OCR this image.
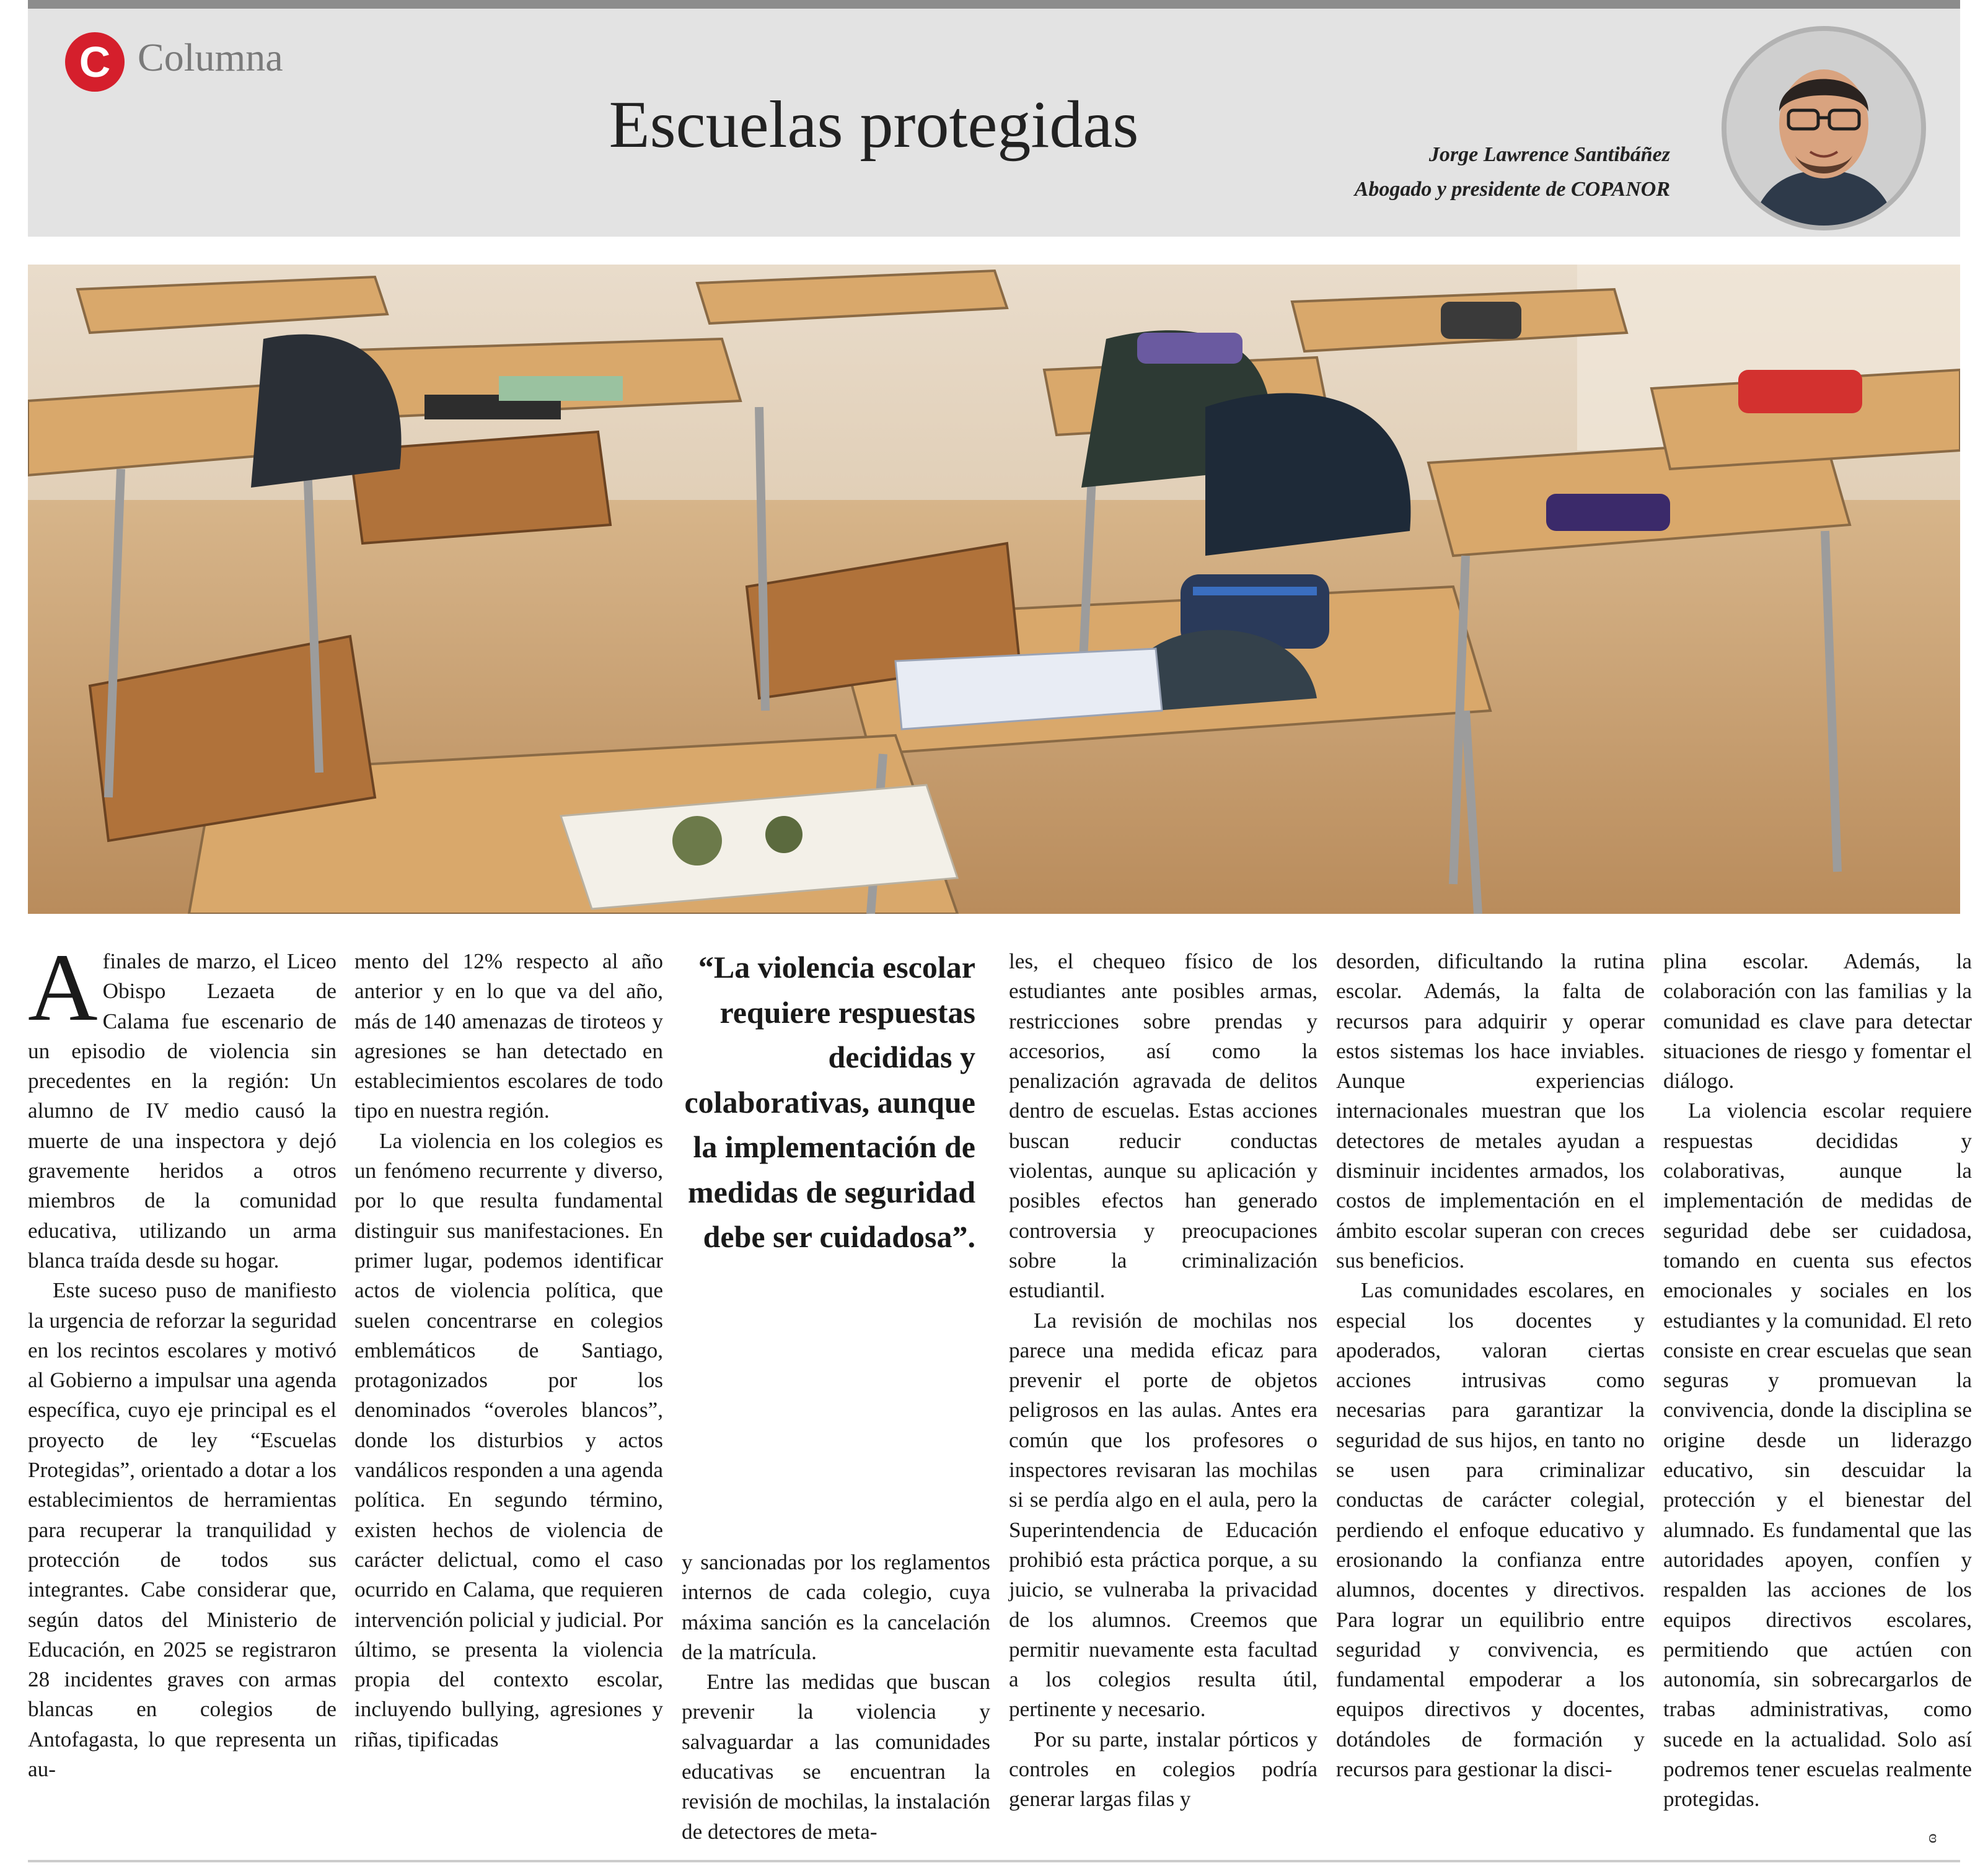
C Columna
Escuelas protegidas	Jorge Lawrence Santibáñez
Abogado y presidente de COPANOR

Afinales de marzo, el Liceo Obispo Lezaeta de Calama fue escenario de un episodio de violencia sin precedentes en la región: Un alumno de IV medio causó la muerte de una inspectora y dejó gravemente heridos a otros miembros de la comunidad educativa, utilizando un arma blanca traída desde su hogar.

Este suceso puso de manifiesto la urgencia de reforzar la seguridad en los recintos escolares y motivó al Gobierno a impulsar una agenda específica, cuyo eje principal es el proyecto de ley “Escuelas Protegidas”, orientado a dotar a los establecimientos de herramientas para recuperar la tranquilidad y protección de todos sus integrantes. Cabe considerar que, según datos del Ministerio de Educación, en 2025 se registraron 28 incidentes graves con armas blancas en colegios de Antofagasta, lo que representa un au-

mento del 12% respecto al año anterior y en lo que va del año, más de 140 amenazas de tiroteos y agresiones se han detectado en establecimientos escolares de todo tipo en nuestra región.

La violencia en los colegios es un fenómeno recurrente y diverso, por lo que resulta fundamental distinguir sus manifestaciones. En primer lugar, podemos identificar actos de violencia política, que suelen concentrarse en colegios emblemáticos de Santiago, protagonizados por los denominados “overoles blancos”, donde los disturbios y actos vandálicos responden a una agenda política. En segundo término, existen hechos de violencia de carácter delictual, como el caso ocurrido en Calama, que requieren intervención policial y judicial. Por último, se presenta la violencia propia del contexto escolar, incluyendo bullying, agresiones y riñas, tipificadas

“La violencia escolar requiere respuestas decididas y colaborativas, aunque la implementación de medidas de seguridad debe ser cuidadosa”.

y sancionadas por los reglamentos internos de cada colegio, cuya máxima sanción es la cancelación de la matrícula.

Entre las medidas que buscan prevenir la violencia y salvaguardar a las comunidades educativas se encuentran la revisión de mochilas, la instalación de detectores de meta-

les, el chequeo físico de los estudiantes ante posibles armas, restricciones sobre prendas y accesorios, así como la penalización agravada de delitos dentro de escuelas. Estas acciones buscan reducir conductas violentas, aunque su aplicación y posibles efectos han generado controversia y preocupaciones sobre la criminalización estudiantil.

La revisión de mochilas nos parece una medida eficaz para prevenir el porte de objetos peligrosos en las aulas. Antes era común que los profesores o inspectores revisaran las mochilas si se perdía algo en el aula, pero la Superintendencia de Educación prohibió esta práctica porque, a su juicio, se vulneraba la privacidad de los alumnos. Creemos que permitir nuevamente esta facultad a los colegios resulta útil, pertinente y necesario.

Por su parte, instalar pórticos y controles en colegios podría generar largas filas y

desorden, dificultando la rutina escolar. Además, la falta de recursos para adquirir y operar estos sistemas los hace inviables. Aunque experiencias internacionales muestran que los detectores de metales ayudan a disminuir incidentes armados, los costos de implementación en el ámbito escolar superan con creces sus beneficios.

Las comunidades escolares, en especial los docentes y apoderados, valoran ciertas acciones intrusivas como necesarias para garantizar la seguridad de sus hijos, en tanto no se usen para criminalizar conductas de carácter colegial, perdiendo el enfoque educativo y erosionando la confianza entre alumnos, docentes y directivos. Para lograr un equilibrio entre seguridad y convivencia, es fundamental empoderar a los equipos directivos y docentes, dotándoles de formación y recursos para gestionar la disci-

plina escolar. Además, la colaboración con las familias y la comunidad es clave para detectar situaciones de riesgo y fomentar el diálogo.

La violencia escolar requiere respuestas decididas y colaborativas, aunque la implementación de medidas de seguridad debe ser cuidadosa, tomando en cuenta sus efectos emocionales y sociales en los estudiantes y la comunidad. El reto consiste en crear escuelas que sean seguras y promuevan la convivencia, donde la disciplina se origine desde un liderazgo educativo, sin descuidar la protección y el bienestar del alumnado. Es fundamental que las autoridades apoyen, confíen y respalden las acciones de los equipos directivos escolares, permitiendo que actúen con autonomía, sin sobrecargarlos de trabas administrativas, como sucede en la actualidad. Solo así podremos tener escuelas realmente protegidas.

ɞ
